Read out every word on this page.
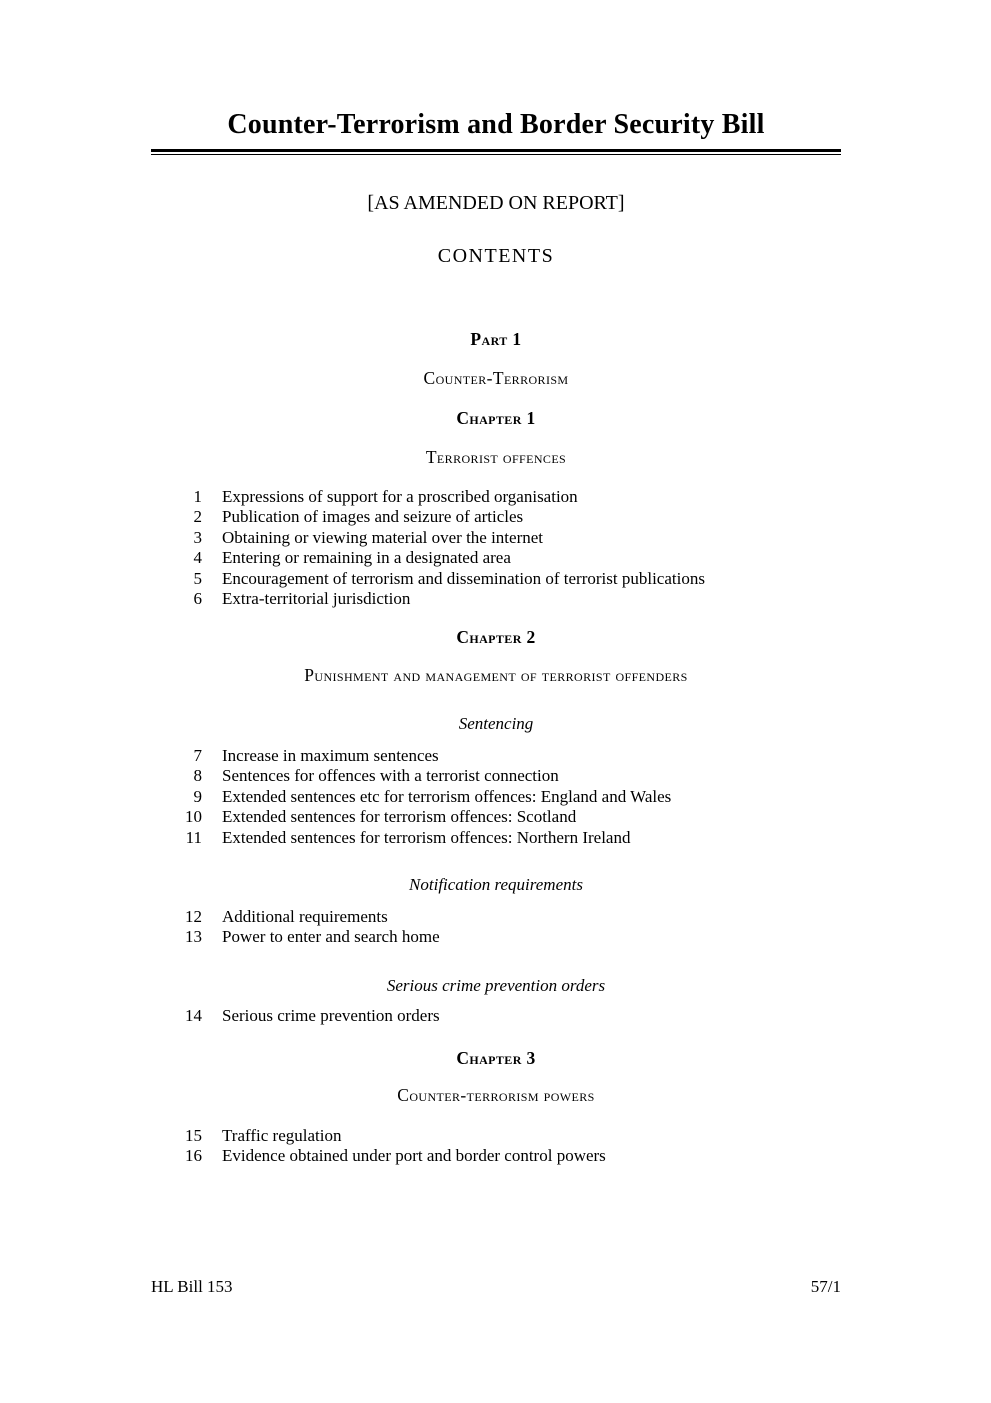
Counter-Terrorism and Border Security Bill
[AS AMENDED ON REPORT]
CONTENTS
Part 1
Counter-Terrorism
Chapter 1
Terrorist offences
1 Expressions of support for a proscribed organisation
2 Publication of images and seizure of articles
3 Obtaining or viewing material over the internet
4 Entering or remaining in a designated area
5 Encouragement of terrorism and dissemination of terrorist publications
6 Extra-territorial jurisdiction
Chapter 2
Punishment and management of terrorist offenders
Sentencing
7 Increase in maximum sentences
8 Sentences for offences with a terrorist connection
9 Extended sentences etc for terrorism offences: England and Wales
10 Extended sentences for terrorism offences: Scotland
11 Extended sentences for terrorism offences: Northern Ireland
Notification requirements
12 Additional requirements
13 Power to enter and search home
Serious crime prevention orders
14 Serious crime prevention orders
Chapter 3
Counter-terrorism powers
15 Traffic regulation
16 Evidence obtained under port and border control powers
HL Bill 153	57/1
